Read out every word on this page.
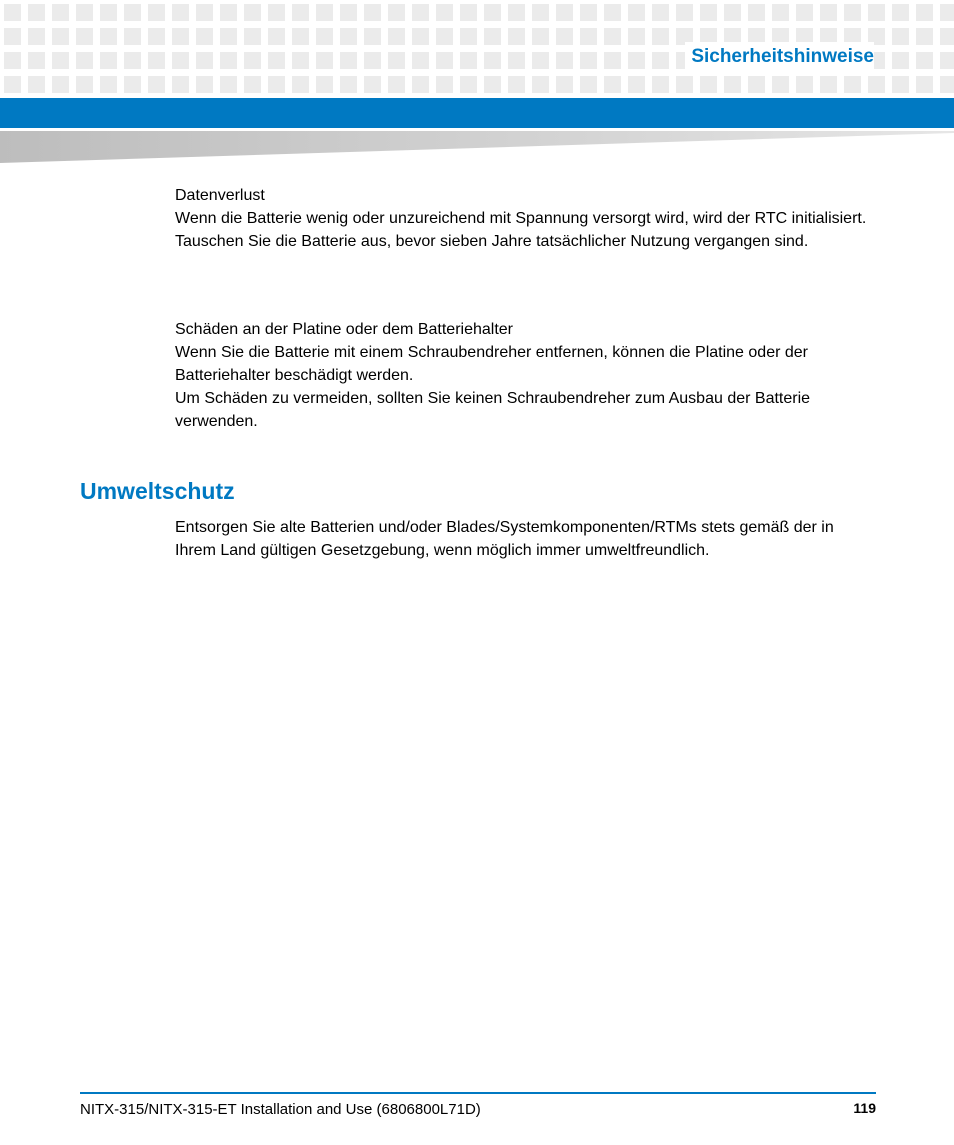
Sicherheitshinweise

Datenverlust

Wenn die Batterie wenig oder unzureichend mit Spannung versorgt wird, wird der RTC initialisiert.

Tauschen Sie die Batterie aus, bevor sieben Jahre tatsächlicher Nutzung vergangen sind.

Schäden an der Platine oder dem Batteriehalter

Wenn Sie die Batterie mit einem Schraubendreher entfernen, können die Platine oder der Batteriehalter beschädigt werden.

Um Schäden zu vermeiden, sollten Sie keinen Schraubendreher zum Ausbau der Batterie verwenden.

Umweltschutz

Entsorgen Sie alte Batterien und/oder Blades/Systemkomponenten/RTMs stets gemäß der in Ihrem Land gültigen Gesetzgebung, wenn möglich immer umweltfreundlich.

NITX-315/NITX-315-ET Installation and Use (6806800L71D)	119
